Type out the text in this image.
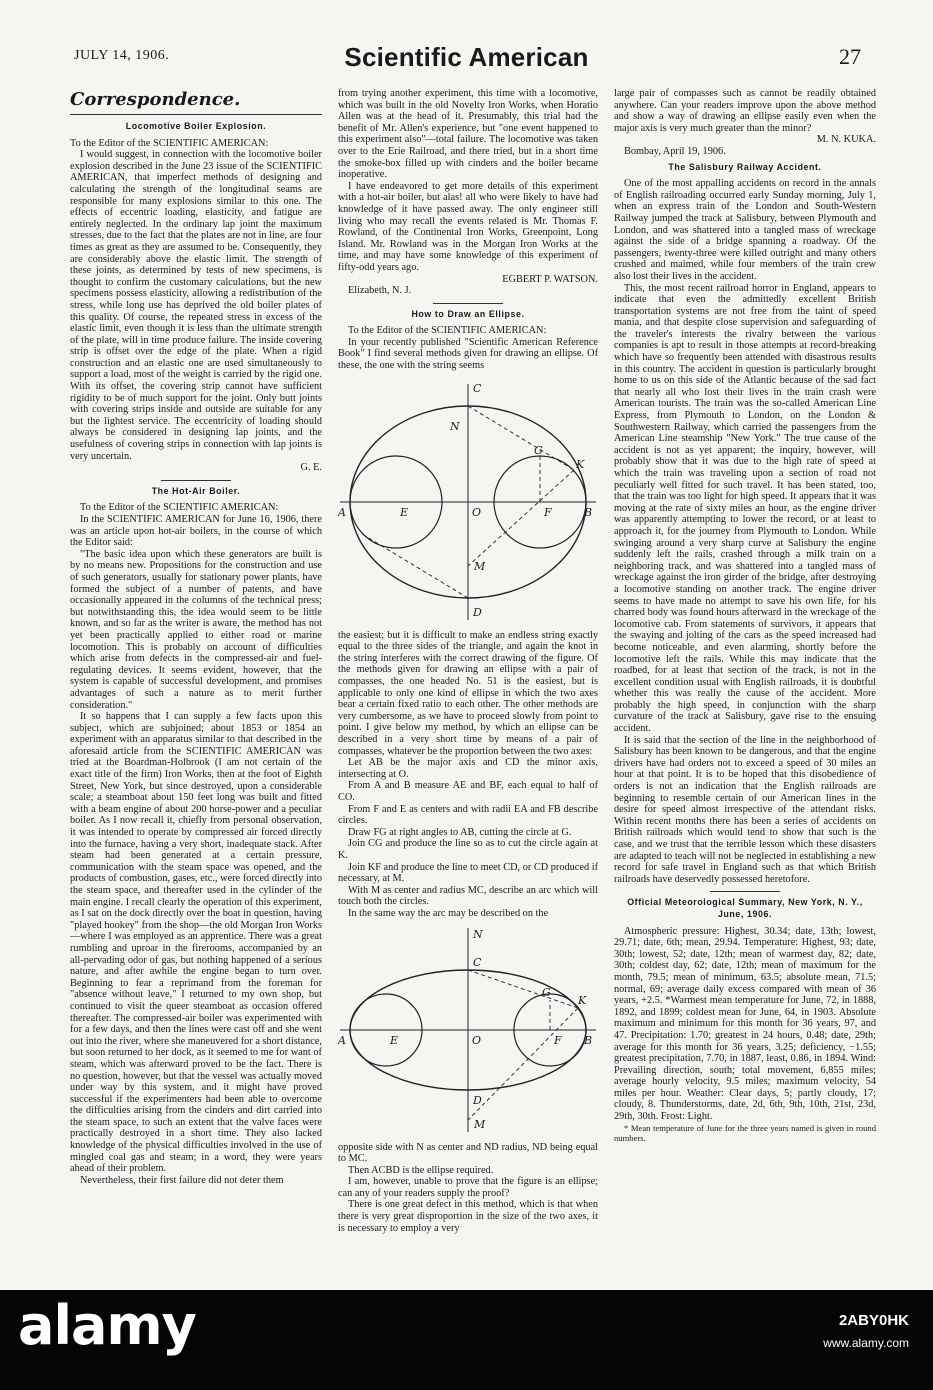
JULY 14, 1906.	Scientific American	27
Correspondence.
Locomotive Boiler Explosion.

To the Editor of the SCIENTIFIC AMERICAN:

I would suggest, in connection with the locomotive boiler explosion described in the June 23 issue of the SCIENTIFIC AMERICAN, that imperfect methods of designing and calculating the strength of the longitudinal seams are responsible for many explosions similar to this one. The effects of eccentric loading, elasticity, and fatigue are entirely neglected. In the ordinary lap joint the maximum stresses, due to the fact that the plates are not in line, are four times as great as they are assumed to be. Consequently, they are considerably above the elastic limit. The strength of these joints, as determined by tests of new specimens, is thought to confirm the customary calculations, but the new specimens possess elasticity, allowing a redistribution of the stress, while long use has deprived the old boiler plates of this quality. Of course, the repeated stress in excess of the elastic limit, even though it is less than the ultimate strength of the plate, will in time produce failure. The inside covering strip is offset over the edge of the plate. When a rigid construction and an elastic one are used simultaneously to support a load, most of the weight is carried by the rigid one. With its offset, the covering strip cannot have sufficient rigidity to be of much support for the joint. Only butt joints with covering strips inside and outside are suitable for any but the lightest service. The eccentricity of loading should always be considered in designing lap joints, and the usefulness of covering strips in connection with lap joints is very uncertain.

G. E.

The Hot-Air Boiler.

To the Editor of the SCIENTIFIC AMERICAN:

In the SCIENTIFIC AMERICAN for June 16, 1906, there was an article upon hot-air boilers, in the course of which the Editor said:

"The basic idea upon which these generators are built is by no means new. Propositions for the construction and use of such generators, usually for stationary power plants, have formed the subject of a number of patents, and have occasionally appeared in the columns of the technical press; but notwithstanding this, the idea would seem to be little known, and so far as the writer is aware, the method has not yet been practically applied to either road or marine locomotion. This is probably on account of difficulties which arise from defects in the compressed-air and fuel-regulating devices. It seems evident, however, that the system is capable of successful development, and promises advantages of such a nature as to merit further consideration."

It so happens that I can supply a few facts upon this subject, which are subjoined; about 1853 or 1854 an experiment with an apparatus similar to that described in the aforesaid article from the SCIENTIFIC AMERICAN was tried at the Boardman-Holbrook (I am not certain of the exact title of the firm) Iron Works, then at the foot of Eighth Street, New York, but since destroyed, upon a considerable scale; a steamboat about 150 feet long was built and fitted with a beam engine of about 200 horse-power and a peculiar boiler. As I now recall it, chiefly from personal observation, it was intended to operate by compressed air forced directly into the furnace, having a very short, inadequate stack. After steam had been generated at a certain pressure, communication with the steam space was opened, and the products of combustion, gases, etc., were forced directly into the steam space, and thereafter used in the cylinder of the main engine. I recall clearly the operation of this experiment, as I sat on the dock directly over the boat in question, having "played hookey" from the shop—the old Morgan Iron Works—where I was employed as an apprentice. There was a great rumbling and uproar in the firerooms, accompanied by an all-pervading odor of gas, but nothing happened of a serious nature, and after awhile the engine began to turn over. Beginning to fear a reprimand from the foreman for "absence without leave," I returned to my own shop, but continued to visit the queer steamboat as occasion offered thereafter. The compressed-air boiler was experimented with for a few days, and then the lines were cast off and she went out into the river, where she maneuvered for a short distance, but soon returned to her dock, as it seemed to me for want of steam, which was afterward proved to be the fact. There is no question, however, but that the vessel was actually moved under way by this system, and it might have proved successful if the experimenters had been able to overcome the difficulties arising from the cinders and dirt carried into the steam space, to such an extent that the valve faces were practically destroyed in a short time. They also lacked knowledge of the physical difficulties involved in the use of mingled coal gas and steam; in a word, they were years ahead of their problem.

Nevertheless, their first failure did not deter them

from trying another experiment, this time with a locomotive, which was built in the old Novelty Iron Works, when Horatio Allen was at the head of it. Presumably, this trial had the benefit of Mr. Allen's experience, but "one event happened to this experiment also"—total failure. The locomotive was taken over to the Erie Railroad, and there tried, but in a short time the smoke-box filled up with cinders and the boiler became inoperative.

I have endeavored to get more details of this experiment with a hot-air boiler, but alas! all who were likely to have had knowledge of it have passed away. The only engineer still living who may recall the events related is Mr. Thomas F. Rowland, of the Continental Iron Works, Greenpoint, Long Island. Mr. Rowland was in the Morgan Iron Works at the time, and may have some knowledge of this experiment of fifty-odd years ago.

EGBERT P. WATSON.

Elizabeth, N. J.

How to Draw an Ellipse.

To the Editor of the SCIENTIFIC AMERICAN:

In your recently published "Scientific American Reference Book" I find several methods given for drawing an ellipse. Of these, the one with the string seems

C
N
A	E	O	F	B
G
K
M
D

the easiest; but it is difficult to make an endless string exactly equal to the three sides of the triangle, and again the knot in the string interferes with the correct drawing of the figure. Of the methods given for drawing an ellipse with a pair of compasses, the one headed No. 51 is the easiest, but is applicable to only one kind of ellipse in which the two axes bear a certain fixed ratio to each other. The other methods are very cumbersome, as we have to proceed slowly from point to point. I give below my method, by which an ellipse can be described in a very short time by means of a pair of compasses, whatever be the proportion between the two axes:

Let AB be the major axis and CD the minor axis, intersecting at O.

From A and B measure AE and BF, each equal to half of CO.

From F and E as centers and with radii EA and FB describe circles.

Draw FG at right angles to AB, cutting the circle at G.

Join CG and produce the line so as to cut the circle again at K.

Join KF and produce the line to meet CD, or CD produced if necessary, at M.

With M as center and radius MC, describe an arc which will touch both the circles.

In the same way the arc may be described on the

N
C
A	E	O	F B
G
K
D
M

opposite side with N as center and ND radius, ND being equal to MC.

Then ACBD is the ellipse required.

I am, however, unable to prove that the figure is an ellipse; can any of your readers supply the proof?

There is one great defect in this method, which is that when there is very great disproportion in the size of the two axes, it is necessary to employ a very

large pair of compasses such as cannot be readily obtained anywhere. Can your readers improve upon the above method and show a way of drawing an ellipse easily even when the major axis is very much greater than the minor?

M. N. KUKA.

Bombay, April 19, 1906.

The Salisbury Railway Accident.

One of the most appalling accidents on record in the annals of English railroading occurred early Sunday morning, July 1, when an express train of the London and South-Western Railway jumped the track at Salisbury, between Plymouth and London, and was shattered into a tangled mass of wreckage against the side of a bridge spanning a roadway. Of the passengers, twenty-three were killed outright and many others crushed and maimed, while four members of the train crew also lost their lives in the accident.

This, the most recent railroad horror in England, appears to indicate that even the admittedly excellent British transportation systems are not free from the taint of speed mania, and that despite close supervision and safeguarding of the traveler's interests the rivalry between the various companies is apt to result in those attempts at record-breaking which have so frequently been attended with disastrous results in this country. The accident in question is particularly brought home to us on this side of the Atlantic because of the sad fact that nearly all who lost their lives in the train crash were American tourists. The train was the so-called American Line Express, from Plymouth to London, on the London & Southwestern Railway, which carried the passengers from the American Line steamship "New York." The true cause of the accident is not as yet apparent; the inquiry, however, will probably show that it was due to the high rate of speed at which the train was traveling upon a section of road not peculiarly well fitted for such travel. It has been stated, too, that the train was too light for high speed. It appears that it was moving at the rate of sixty miles an hour, as the engine driver was apparently attempting to lower the record, or at least to approach it, for the journey from Plymouth to London. While swinging around a very sharp curve at Salisbury the engine suddenly left the rails, crashed through a milk train on a neighboring track, and was shattered into a tangled mass of wreckage against the iron girder of the bridge, after destroying a locomotive standing on another track. The engine driver seems to have made no attempt to save his own life, for his charred body was found hours afterward in the wreckage of the locomotive cab. From statements of survivors, it appears that the swaying and jolting of the cars as the speed increased had become noticeable, and even alarming, shortly before the locomotive left the rails. While this may indicate that the roadbed, for at least that section of the track, is not in the excellent condition usual with English railroads, it is doubtful whether this was really the cause of the accident. More probably the high speed, in conjunction with the sharp curvature of the track at Salisbury, gave rise to the ensuing accident.

It is said that the section of the line in the neighborhood of Salisbury has been known to be dangerous, and that the engine drivers have had orders not to exceed a speed of 30 miles an hour at that point. It is to be hoped that this disobedience of orders is not an indication that the English railroads are beginning to resemble certain of our American lines in the desire for speed almost irrespective of the attendant risks. Within recent months there has been a series of accidents on British railroads which would tend to show that such is the case, and we trust that the terrible lesson which these disasters are adapted to teach will not be neglected in establishing a new record for safe travel in England such as that which British railroads have deservedly possessed heretofore.

Official Meteorological Summary, New York, N. Y., June, 1906.

Atmospheric pressure: Highest, 30.34; date, 13th; lowest, 29.71; date, 6th; mean, 29.94. Temperature: Highest, 93; date, 30th; lowest, 52; date, 12th; mean of warmest day, 82; date, 30th; coldest day, 62; date, 12th; mean of maximum for the month, 79.5; mean of minimum, 63.5; absolute mean, 71.5; normal, 69; average daily excess compared with mean of 36 years, +2.5. *Warmest mean temperature for June, 72, in 1888, 1892, and 1899; coldest mean for June, 64, in 1903. Absolute maximum and minimum for this month for 36 years, 97, and 47. Precipitation: 1.70; greatest in 24 hours, 0.48; date, 29th; average for this month for 36 years, 3.25; deficiency, −1.55; greatest precipitation, 7.70, in 1887, least, 0.86, in 1894. Wind: Prevailing direction, south; total movement, 6,855 miles; average hourly velocity, 9.5 miles; maximum velocity, 54 miles per hour. Weather: Clear days, 5; partly cloudy, 17; cloudy, 8. Thunderstorms, date, 2d, 6th, 9th, 10th, 21st, 23d, 29th, 30th. Frost: Light.

* Mean temperature of June for the three years named is given in round numbers.

alamy	2ABY0HK
www.alamy.com
